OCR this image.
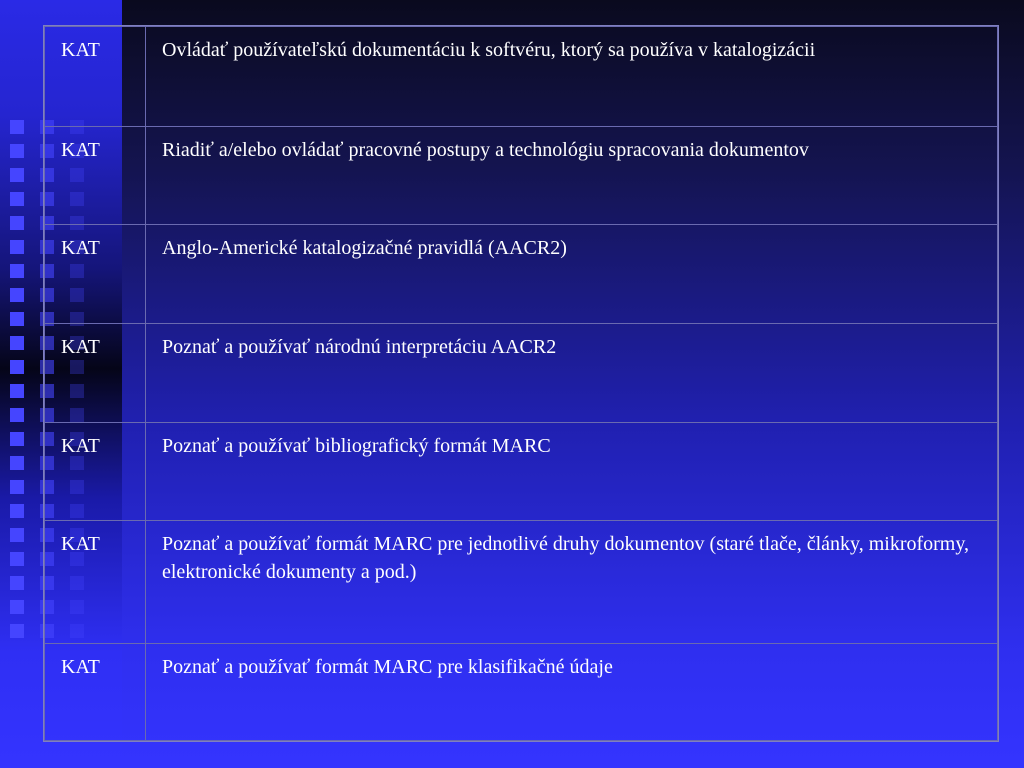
KAT	Ovládať používateľskú dokumentáciu k softvéru, ktorý sa používa v katalogizácii
KAT	Riadiť a/elebo ovládať pracovné postupy a technológiu spracovania dokumentov
KAT	Anglo-Americké katalogizačné pravidlá (AACR2)
KAT	Poznať a používať národnú interpretáciu AACR2
KAT	Poznať a používať bibliografický formát MARC
KAT	Poznať a používať formát MARC pre jednotlivé druhy dokumentov (staré tlače, články, mikroformy, elektronické dokumenty a pod.)
KAT	Poznať a používať formát MARC pre klasifikačné údaje
